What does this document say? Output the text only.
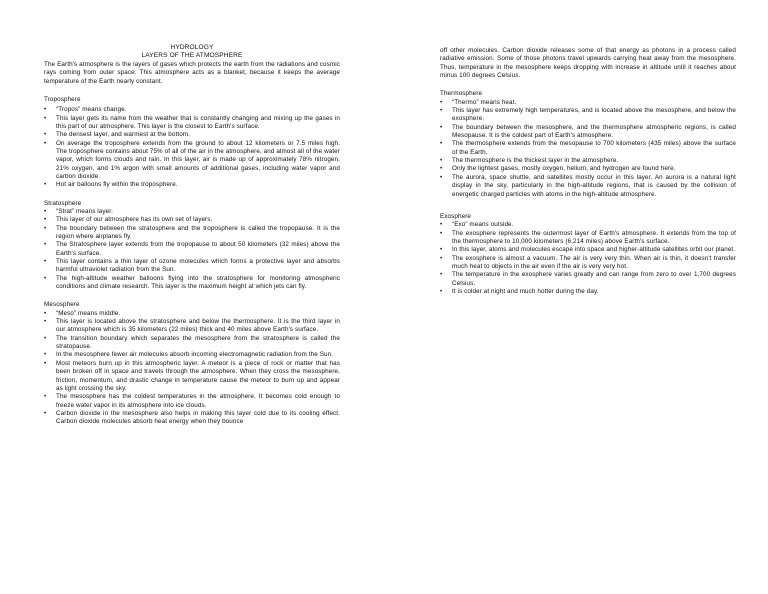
HYDROLOGY
LAYERS OF THE ATMOSPHERE

The Earth's atmosphere is the layers of gases which protects the earth from the radiations and cosmic rays coming from outer space. This atmosphere acts as a blanket, because it keeps the average temperature of the Earth nearly constant.

Troposphere
• “Tropos” means change.
• This layer gets its name from the weather that is constantly changing and mixing up the gases in this part of our atmosphere. This layer is the closest to Earth's surface.
• The densest layer, and warmest at the bottom.
• On average the troposphere extends from the ground to about 12 kilometers or 7.5 miles high. The troposphere contains about 75% of all of the air in the atmosphere, and almost all of the water vapor, which forms clouds and rain. In this layer, air is made up of approximately 78% nitrogen, 21% oxygen, and 1% argon with small amounts of additional gases, including water vapor and carbon dioxide.
• Hot air balloons fly within the troposphere.
Stratosphere
• “Strat” means layer.
• This layer of our atmosphere has its own set of layers.
• The boundary between the stratosphere and the troposphere is called the tropopause. It is the region where airplanes fly.
• The Stratosphere layer extends from the tropopause to about 50 kilometers (32 miles) above the Earth's surface.
• This layer contains a thin layer of ozone molecules which forms a protective layer and absorbs harmful ultraviolet radiation from the Sun.
• The high-altitude weather balloons flying into the stratosphere for monitoring atmospheric conditions and climate research. This layer is the maximum height at which jets can fly.
Mesosphere
• “Meso” means middle.
• This layer is located above the stratosphere and below the thermosphere. It is the third layer in our atmosphere which is 35 kilometers (22 miles) thick and 40 miles above Earth's surface.
• The transition boundary which separates the mesosphere from the stratosphere is called the stratopause.
• In the mesosphere fewer air molecules absorb incoming electromagnetic radiation from the Sun.
• Most meteors burn up in this atmospheric layer. A meteor is a piece of rock or matter that has been broken off in space and travels through the atmosphere. When they cross the mesosphere, friction, momentum, and drastic change in temperature cause the meteor to burn up and appear as light crossing the sky.
• The mesosphere has the coldest temperatures in the atmosphere. It becomes cold enough to freeze water vapor in its atmosphere into ice clouds.
• Carbon dioxide in the mesosphere also helps in making this layer cold due to its cooling effect. Carbon dioxide molecules absorb heat energy when they bounce

off other molecules. Carbon dioxide releases some of that energy as photons in a process called radiative emission. Some of those photons travel upwards carrying heat away from the mesosphere. Thus, temperature in the mesosphere keeps dropping with increase in altitude until it reaches about minus 100 degrees Celsius.

Thermosphere
• “Thermo” means heat.
• This layer has extremely high temperatures, and is located above the mesosphere, and below the exosphere.
• The boundary between the mesosphere, and the thermosphere atmospheric regions, is called Mesopause. It is the coldest part of Earth's atmosphere.
• The thermosphere extends from the mesopause to 700 kilometers (435 miles) above the surface of the Earth.
• The thermosphere is the thickest layer in the atmosphere.
• Only the lightest gases, mostly oxygen, helium, and hydrogen are found here.
• The aurora, space shuttle, and satellites mostly occur in this layer. An aurora is a natural light display in the sky, particularly in the high-altitude regions, that is caused by the collision of energetic charged particles with atoms in the high-altitude atmosphere.
Exosphere
• “Exo” means outside.
• The exosphere represents the outermost layer of Earth's atmosphere. It extends from the top of the thermosphere to 10,000 kilometers (6,214 miles) above Earth's surface.
• In this layer, atoms and molecules escape into space and higher-altitude satellites orbit our planet.
• The exosphere is almost a vacuum. The air is very very thin. When air is thin, it doesn't transfer much heat to objects in the air even if the air is very very hot.
• The temperature in the exosphere varies greatly and can range from zero to over 1,700 degrees Celsius.
• It is colder at night and much hotter during the day.
